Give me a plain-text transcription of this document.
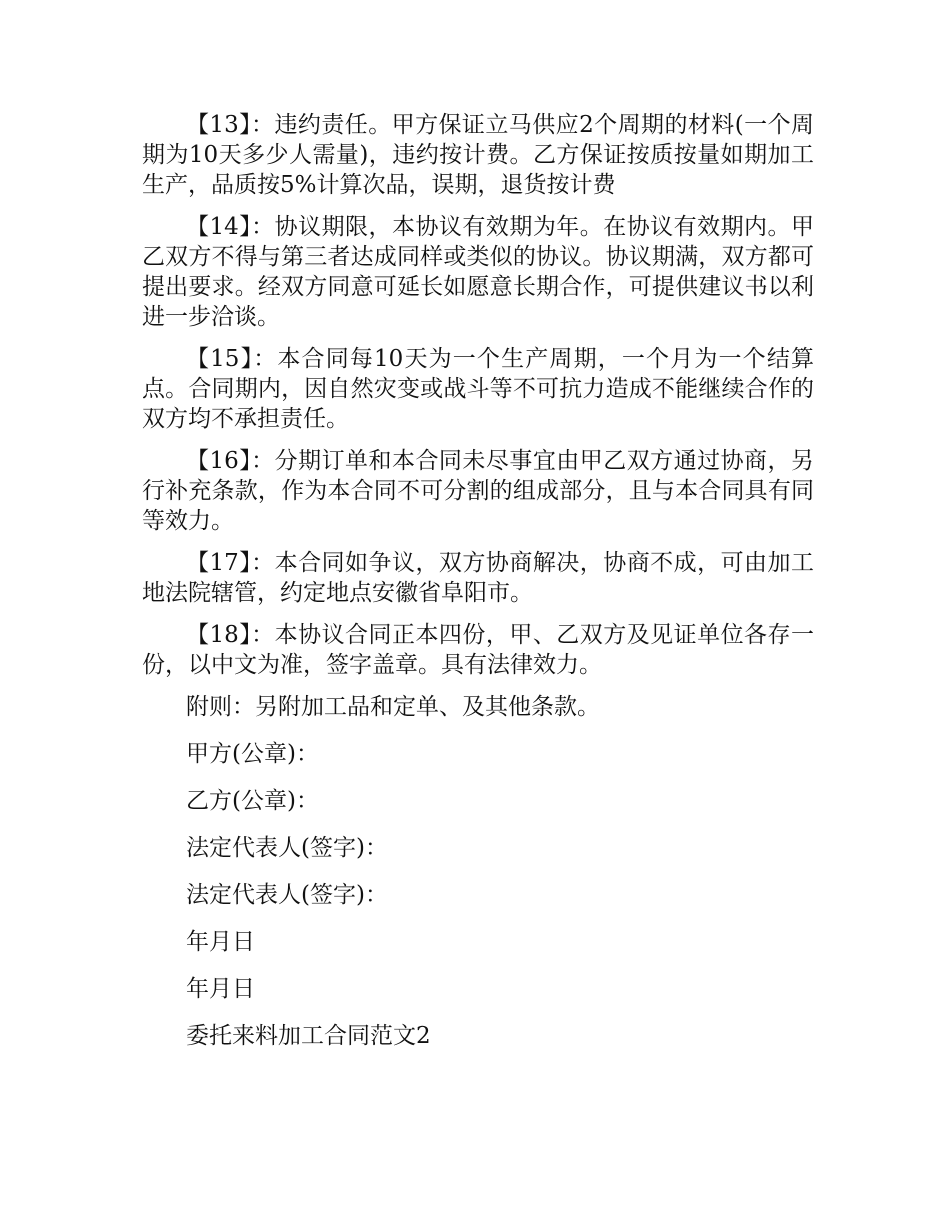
【13】：违约责任。甲方保证立马供应2个周期的材料(一个周期为10天多少人需量)，违约按计费。乙方保证按质按量如期加工生产，品质按5%计算次品，误期，退货按计费

【14】：协议期限，本协议有效期为年。在协议有效期内。甲乙双方不得与第三者达成同样或类似的协议。协议期满，双方都可提出要求。经双方同意可延长如愿意长期合作，可提供建议书以利进一步洽谈。

【15】：本合同每10天为一个生产周期，一个月为一个结算点。合同期内，因自然灾变或战斗等不可抗力造成不能继续合作的双方均不承担责任。

【16】：分期订单和本合同未尽事宜由甲乙双方通过协商，另行补充条款，作为本合同不可分割的组成部分，且与本合同具有同等效力。

【17】：本合同如争议，双方协商解决，协商不成，可由加工地法院辖管，约定地点安徽省阜阳市。

【18】：本协议合同正本四份，甲、乙双方及见证单位各存一份，以中文为准，签字盖章。具有法律效力。

附则：另附加工品和定单、及其他条款。

甲方(公章)：

乙方(公章)：

法定代表人(签字)：

法定代表人(签字)：

年月日

年月日

委托来料加工合同范文2
